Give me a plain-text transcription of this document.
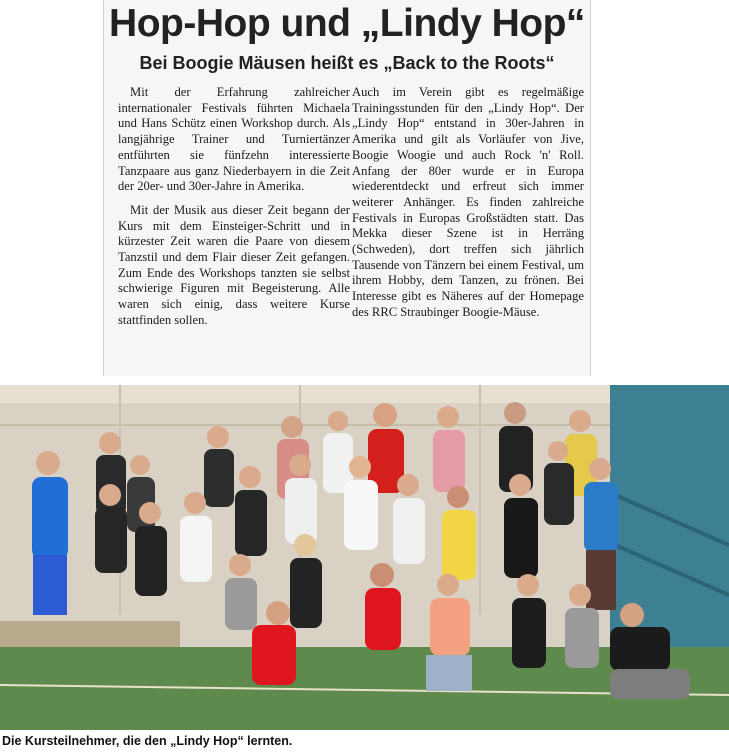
Hop-Hop und „Lindy Hop“
Bei Boogie Mäusen heißt es „Back to the Roots“

Mit der Erfahrung zahlreicher internationaler Festivals führten Michaela und Hans Schütz einen Workshop durch. Als langjährige Trainer und Turniertänzer entführten sie fünfzehn interessierte Tanzpaare aus ganz Niederbayern in die Zeit der 20er- und 30er-Jahre in Amerika.

Mit der Musik aus dieser Zeit begann der Kurs mit dem Einsteiger-Schritt und in kürzester Zeit waren die Paare von diesem Tanzstil und dem Flair dieser Zeit gefangen. Zum Ende des Workshops tanzten sie selbst schwierige Figuren mit Begeisterung. Alle waren sich einig, dass weitere Kurse stattfinden sollen.

Auch im Verein gibt es regelmäßige Trainingsstunden für den „Lindy Hop“. Der „Lindy Hop“ entstand in 30er-Jahren in Amerika und gilt als Vorläufer von Jive, Boogie Woogie und auch Rock 'n' Roll. Anfang der 80er wurde er in Europa wiederentdeckt und erfreut sich immer weiterer Anhänger. Es finden zahlreiche Festivals in Europas Großstädten statt. Das Mekka dieser Szene ist in Herräng (Schweden), dort treffen sich jährlich Tausende von Tänzern bei einem Festival, um ihrem Hobby, dem Tanzen, zu frönen. Bei Interesse gibt es Näheres auf der Homepage des RRC Straubinger Boogie-Mäuse.

Die Kursteilnehmer, die den „Lindy Hop“ lernten.
